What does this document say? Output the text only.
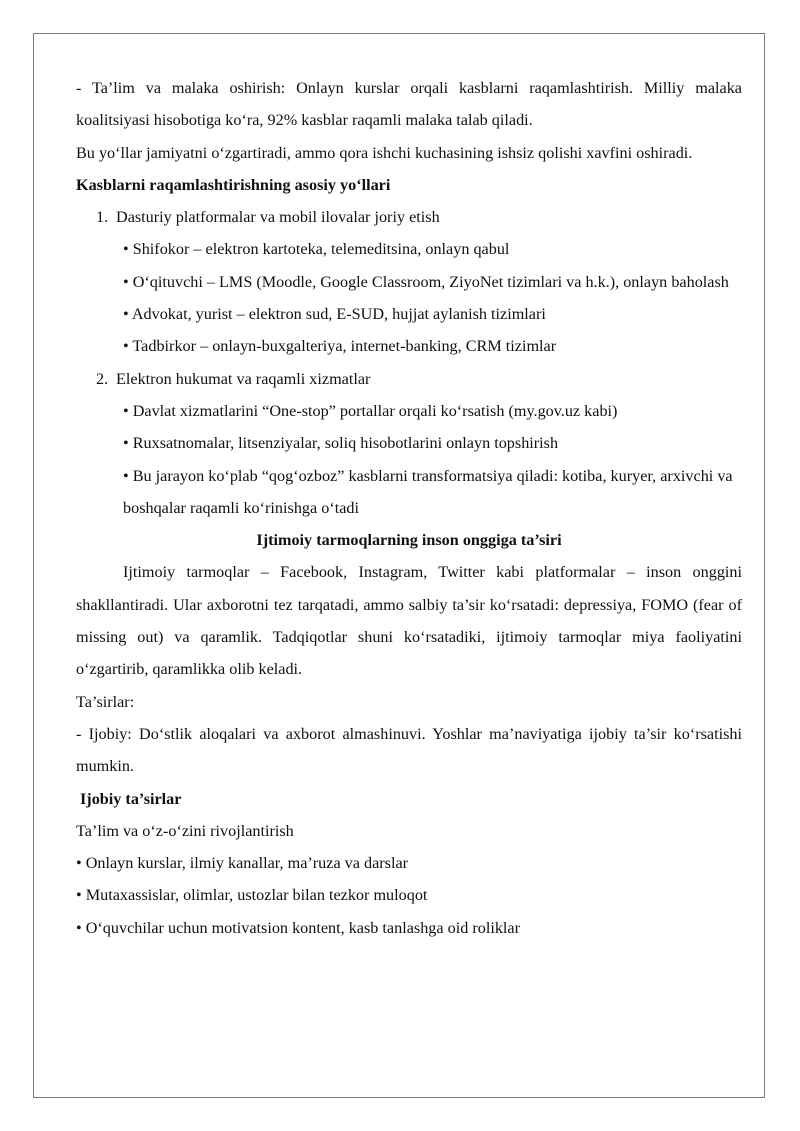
- Ta’lim va malaka oshirish: Onlayn kurslar orqali kasblarni raqamlashtirish. Milliy malaka koalitsiyasi hisobotiga ko‘ra, 92% kasblar raqamli malaka talab qiladi.

Bu yo‘llar jamiyatni o‘zgartiradi, ammo qora ishchi kuchasining ishsiz qolishi xavfini oshiradi.

Kasblarni raqamlashtirishning asosiy yo‘llari

1. Dasturiy platformalar va mobil ilovalar joriy etish

• Shifokor – elektron kartoteka, telemeditsina, onlayn qabul

• O‘qituvchi – LMS (Moodle, Google Classroom, ZiyoNet tizimlari va h.k.), onlayn baholash

• Advokat, yurist – elektron sud, E-SUD, hujjat aylanish tizimlari

• Tadbirkor – onlayn-buxgalteriya, internet-banking, CRM tizimlar

2. Elektron hukumat va raqamli xizmatlar

• Davlat xizmatlarini “One-stop” portallar orqali ko‘rsatish (my.gov.uz kabi)

• Ruxsatnomalar, litsenziyalar, soliq hisobotlarini onlayn topshirish

• Bu jarayon ko‘plab “qog‘ozboz” kasblarni transformatsiya qiladi: kotiba, kuryer, arxivchi va boshqalar raqamli ko‘rinishga o‘tadi

Ijtimoiy tarmoqlarning inson onggiga ta’siri

Ijtimoiy tarmoqlar – Facebook, Instagram, Twitter kabi platformalar – inson onggini shakllantiradi. Ular axborotni tez tarqatadi, ammo salbiy ta’sir ko‘rsatadi: depressiya, FOMO (fear of missing out) va qaramlik. Tadqiqotlar shuni ko‘rsatadiki, ijtimoiy tarmoqlar miya faoliyatini o‘zgartirib, qaramlikka olib keladi.

Ta’sirlar:

- Ijobiy: Do‘stlik aloqalari va axborot almashinuvi. Yoshlar ma’naviyatiga ijobiy ta’sir ko‘rsatishi mumkin.

Ijobiy ta’sirlar

Ta’lim va o‘z-o‘zini rivojlantirish

• Onlayn kurslar, ilmiy kanallar, ma’ruza va darslar

• Mutaxassislar, olimlar, ustozlar bilan tezkor muloqot

• O‘quvchilar uchun motivatsion kontent, kasb tanlashga oid roliklar
